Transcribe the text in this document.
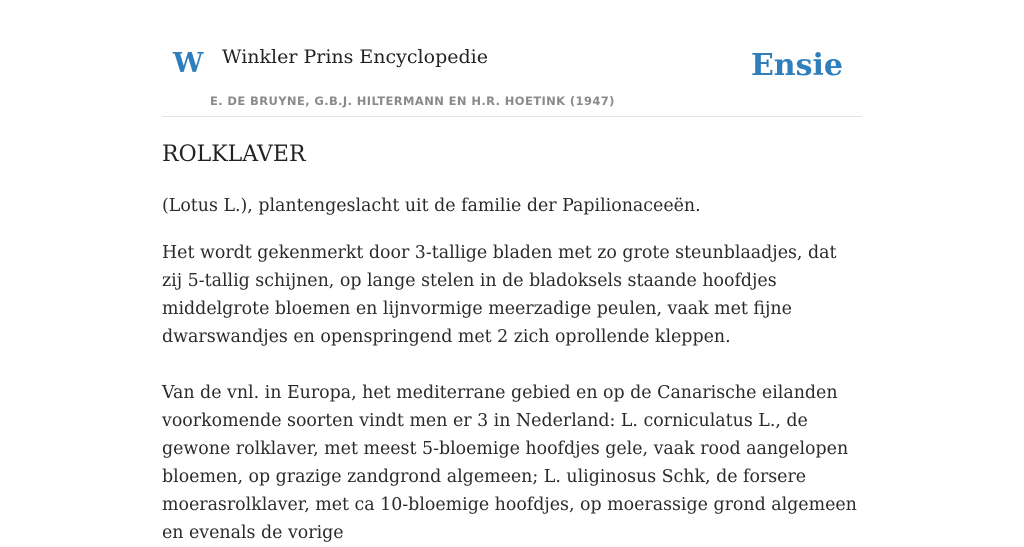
W Winkler Prins Encyclopedie
E. DE BRUYNE, G.B.J. HILTERMANN EN H.R. HOETINK (1947)
Ensie
ROLKLAVER

(Lotus L.), plantengeslacht uit de familie der Papilionaceeën.

Het wordt gekenmerkt door 3-tallige bladen met zo grote steunblaadjes, dat zij 5-tallig schijnen, op lange stelen in de bladoksels staande hoofdjes middelgrote bloemen en lijnvormige meerzadige peulen, vaak met fijne dwarswandjes en openspringend met 2 zich oprollende kleppen.

Van de vnl. in Europa, het mediterrane gebied en op de Canarische eilanden voorkomende soorten vindt men er 3 in Nederland: L. corniculatus L., de gewone rolklaver, met meest 5-bloemige hoofdjes gele, vaak rood aangelopen bloemen, op grazige zandgrond algemeen; L. uliginosus Schk, de forsere moerasrolklaver, met ca 10-bloemige hoofdjes, op moerassige grond algemeen en evenals de vorige
